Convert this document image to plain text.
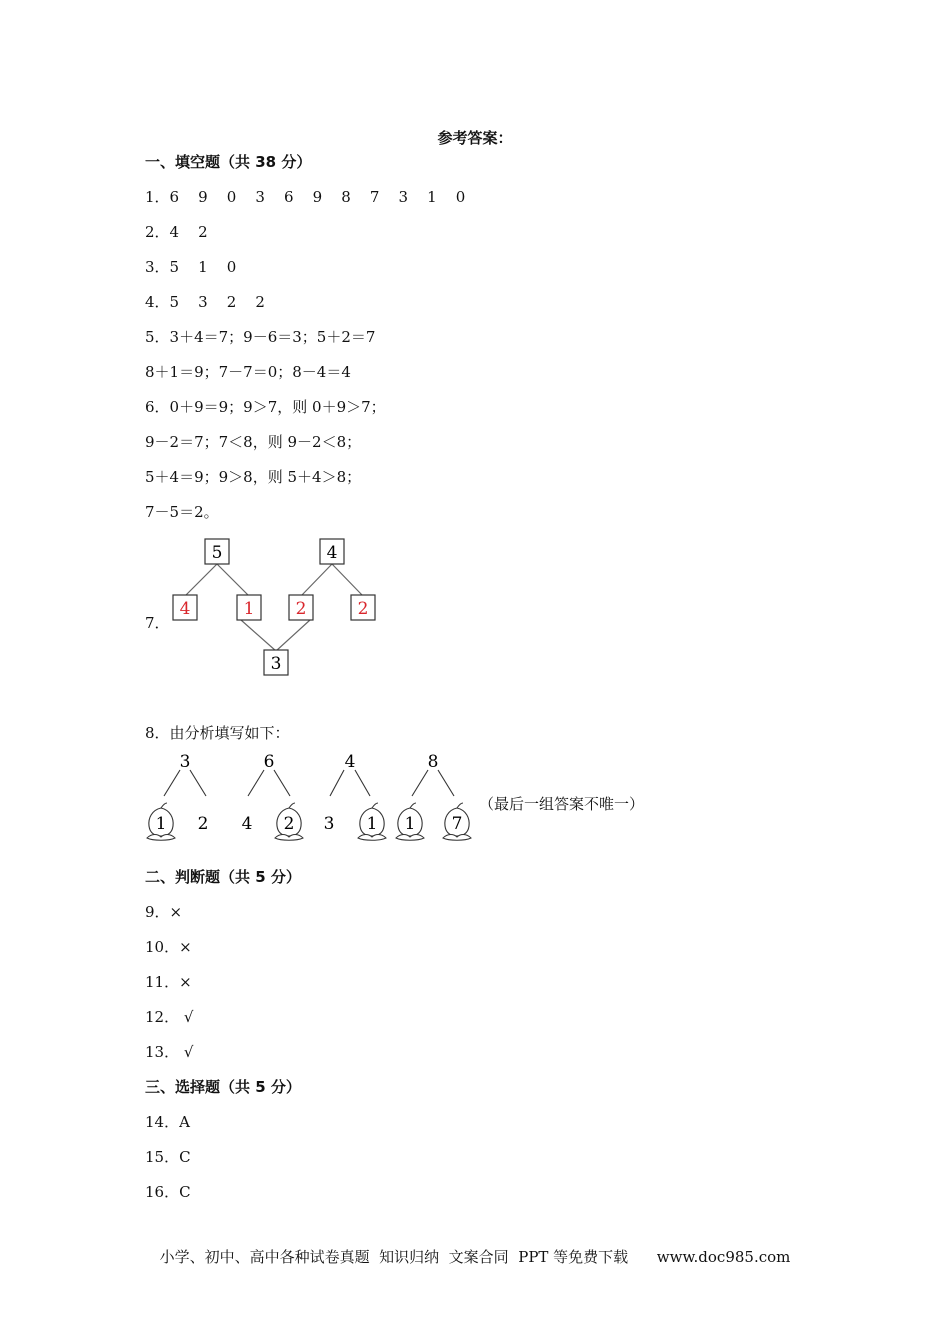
参考答案：
一、填空题（共 38 分）
1．6    9    0    3    6    9    8    7    3    1    0
2．4    2
3．5    1    0
4．5    3    2    2
5．3＋4＝7；9－6＝3；5＋2＝7
8＋1＝9；7－7＝0；8－4＝4
6．0＋9＝9；9＞7，则 0＋9＞7；
9－2＝7；7＜8，则 9－2＜8；
5＋4＝9；9＞8，则 5＋4＞8；
7－5＝2。
7．
5	4
4	1 2	2
3
8．由分析填写如下：
3
1 2
6
4 2
4
3 1
8
1 7
（最后一组答案不唯一）
二、判断题（共 5 分）
9．×
10．×
11．×
12． √
13． √
三、选择题（共 5 分）
14．A
15．C
16．C
小学、初中、高中各种试卷真题  知识归纳  文案合同  PPT 等免费下载      www.doc985.com
